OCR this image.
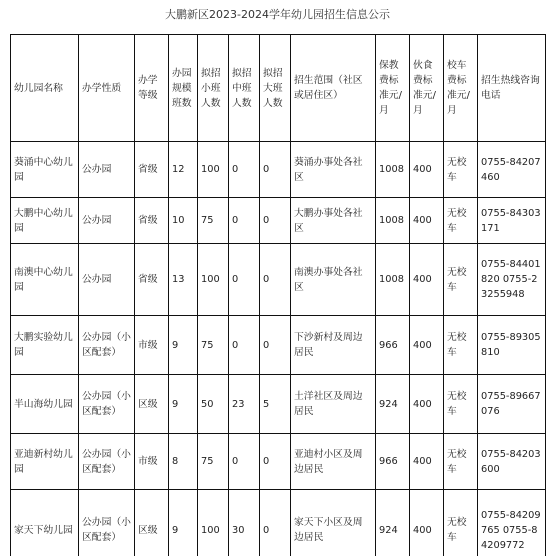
大鹏新区2023-2024学年幼儿园招生信息公示
幼儿园名称	办学性质	办学等级	办园规模班数	拟招小班人数	拟招中班人数	拟招大班人数	招生范围（社区或居住区）	保教费标准元/月	伙食费标准元/月	校车费标准元/月	招生热线咨询电话
葵涌中心幼儿园	公办园	省级	12	100	0	0	葵涌办事处各社区	1008	400	无校车	0755-84207460
大鹏中心幼儿园	公办园	省级	10	75	0	0	大鹏办事处各社区	1008	400	无校车	0755-84303171
南澳中心幼儿园	公办园	省级	13	100	0	0	南澳办事处各社区	1008	400	无校车	0755-84401820 0755-23255948
大鹏实验幼儿园	公办园（小区配套）	市级	9	75	0	0	下沙新村及周边居民	966	400	无校车	0755-89305810
半山海幼儿园	公办园（小区配套）	区级	9	50	23	5	土洋社区及周边居民	924	400	无校车	0755-89667076
亚迪新村幼儿园	公办园（小区配套）	市级	8	75	0	0	亚迪村小区及周边居民	966	400	无校车	0755-84203600
家天下幼儿园	公办园（小区配套）	区级	9	100	30	0	家天下小区及周边居民	924	400	无校车	0755-84209765 0755-84209772
